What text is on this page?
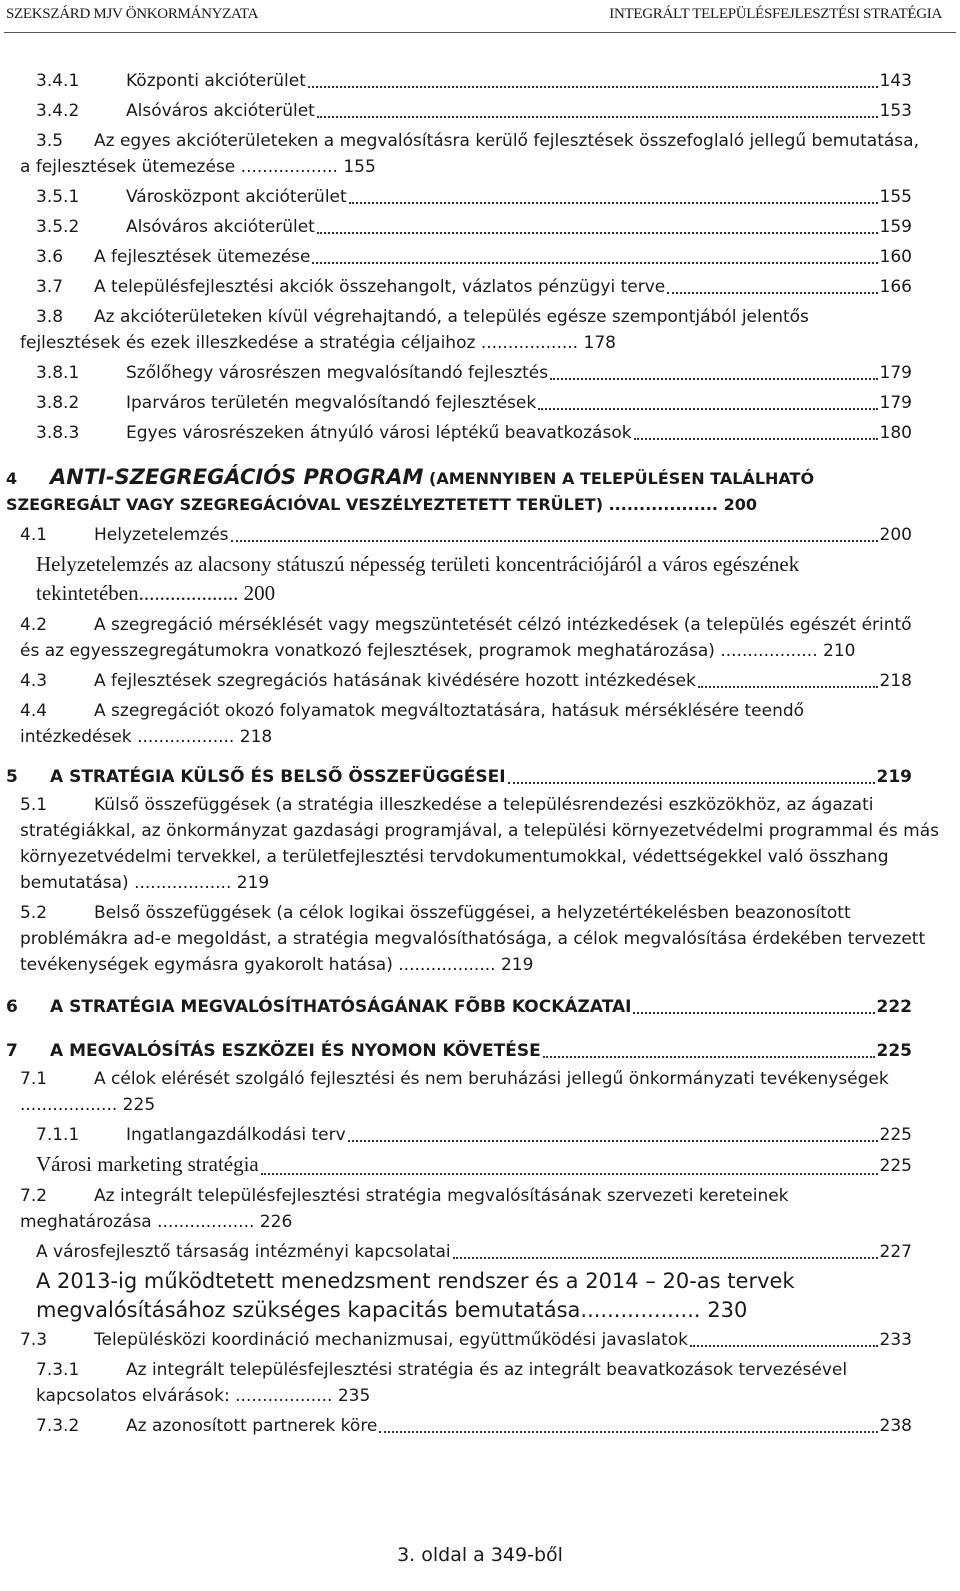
SZEKSZÁRD MJV ÖNKORMÁNYZATA	INTEGRÁLT TELEPÜLÉSFEJLESZTÉSI STRATÉGIA
3.4.1	Központi akcióterület	143
3.4.2	Alsóváros akcióterület	153
3.5 Az egyes akcióterületeken a megvalósításra kerülő fejlesztések összefoglaló jellegű bemutatása, a fejlesztések ütemezése .................. 155
3.5.1	Városközpont akcióterület	155
3.5.2	Alsóváros akcióterület	159
3.6	A fejlesztések ütemezése	160
3.7	A településfejlesztési akciók összehangolt, vázlatos pénzügyi terve	166
3.8 Az akcióterületeken kívül végrehajtandó, a település egésze szempontjából jelentős fejlesztések és ezek illeszkedése a stratégia céljaihoz .................. 178
3.8.1	Szőlőhegy városrészen megvalósítandó fejlesztés	179
3.8.2	Iparváros területén megvalósítandó fejlesztések	179
3.8.3	Egyes városrészeken átnyúló városi léptékű beavatkozások	180
4 ANTI-SZEGREGÁCIÓS PROGRAM (AMENNYIBEN A TELEPÜLÉSEN TALÁLHATÓ SZEGREGÁLT VAGY SZEGREGÁCIÓVAL VESZÉLYEZTETETT TERÜLET) .................. 200
4.1	Helyzetelemzés	200
Helyzetelemzés az alacsony státuszú népesség területi koncentrációjáról a város egészének tekintetében................... 200
4.2	A szegregáció mérséklését vagy megszüntetését célzó intézkedések (a település egészét érintő és az egyesszegregátumokra vonatkozó fejlesztések, programok meghatározása) .................. 210
4.3	A fejlesztések szegregációs hatásának kivédésére hozott intézkedések	218
4.4	A szegregációt okozó folyamatok megváltoztatására, hatásuk mérséklésére teendő intézkedések .................. 218
5	A STRATÉGIA KÜLSŐ ÉS BELSŐ ÖSSZEFÜGGÉSEI	219
5.1	Külső összefüggések (a stratégia illeszkedése a településrendezési eszközökhöz, az ágazati stratégiákkal, az önkormányzat gazdasági programjával, a települési környezetvédelmi programmal és más környezetvédelmi tervekkel, a területfejlesztési tervdokumentumokkal, védettségekkel való összhang bemutatása) .................. 219
5.2	Belső összefüggések (a célok logikai összefüggései, a helyzetértékelésben beazonosított problémákra ad-e megoldást, a stratégia megvalósíthatósága, a célok megvalósítása érdekében tervezett tevékenységek egymásra gyakorolt hatása) .................. 219
6	A STRATÉGIA MEGVALÓSÍTHATÓSÁGÁNAK FÕBB KOCKÁZATAI	222
7	A MEGVALÓSÍTÁS ESZKÖZEI ÉS NYOMON KÖVETÉSE	225
7.1	A célok elérését szolgáló fejlesztési és nem beruházási jellegű önkormányzati tevékenységek .................. 225
7.1.1	Ingatlangazdálkodási terv	225
Városi marketing stratégia	225
7.2	Az integrált településfejlesztési stratégia megvalósításának szervezeti kereteinek meghatározása .................. 226
A városfejlesztő társaság intézményi kapcsolatai	227
A 2013-ig működtetett menedzsment rendszer és a 2014 – 20-as tervek megvalósításához szükséges kapacitás bemutatása.................. 230
7.3	Településközi koordináció mechanizmusai, együttműködési javaslatok	233
7.3.1	Az integrált településfejlesztési stratégia és az integrált beavatkozások tervezésével kapcsolatos elvárások: .................. 235
7.3.2	Az azonosított partnerek köre	238
3. oldal a 349-ből
